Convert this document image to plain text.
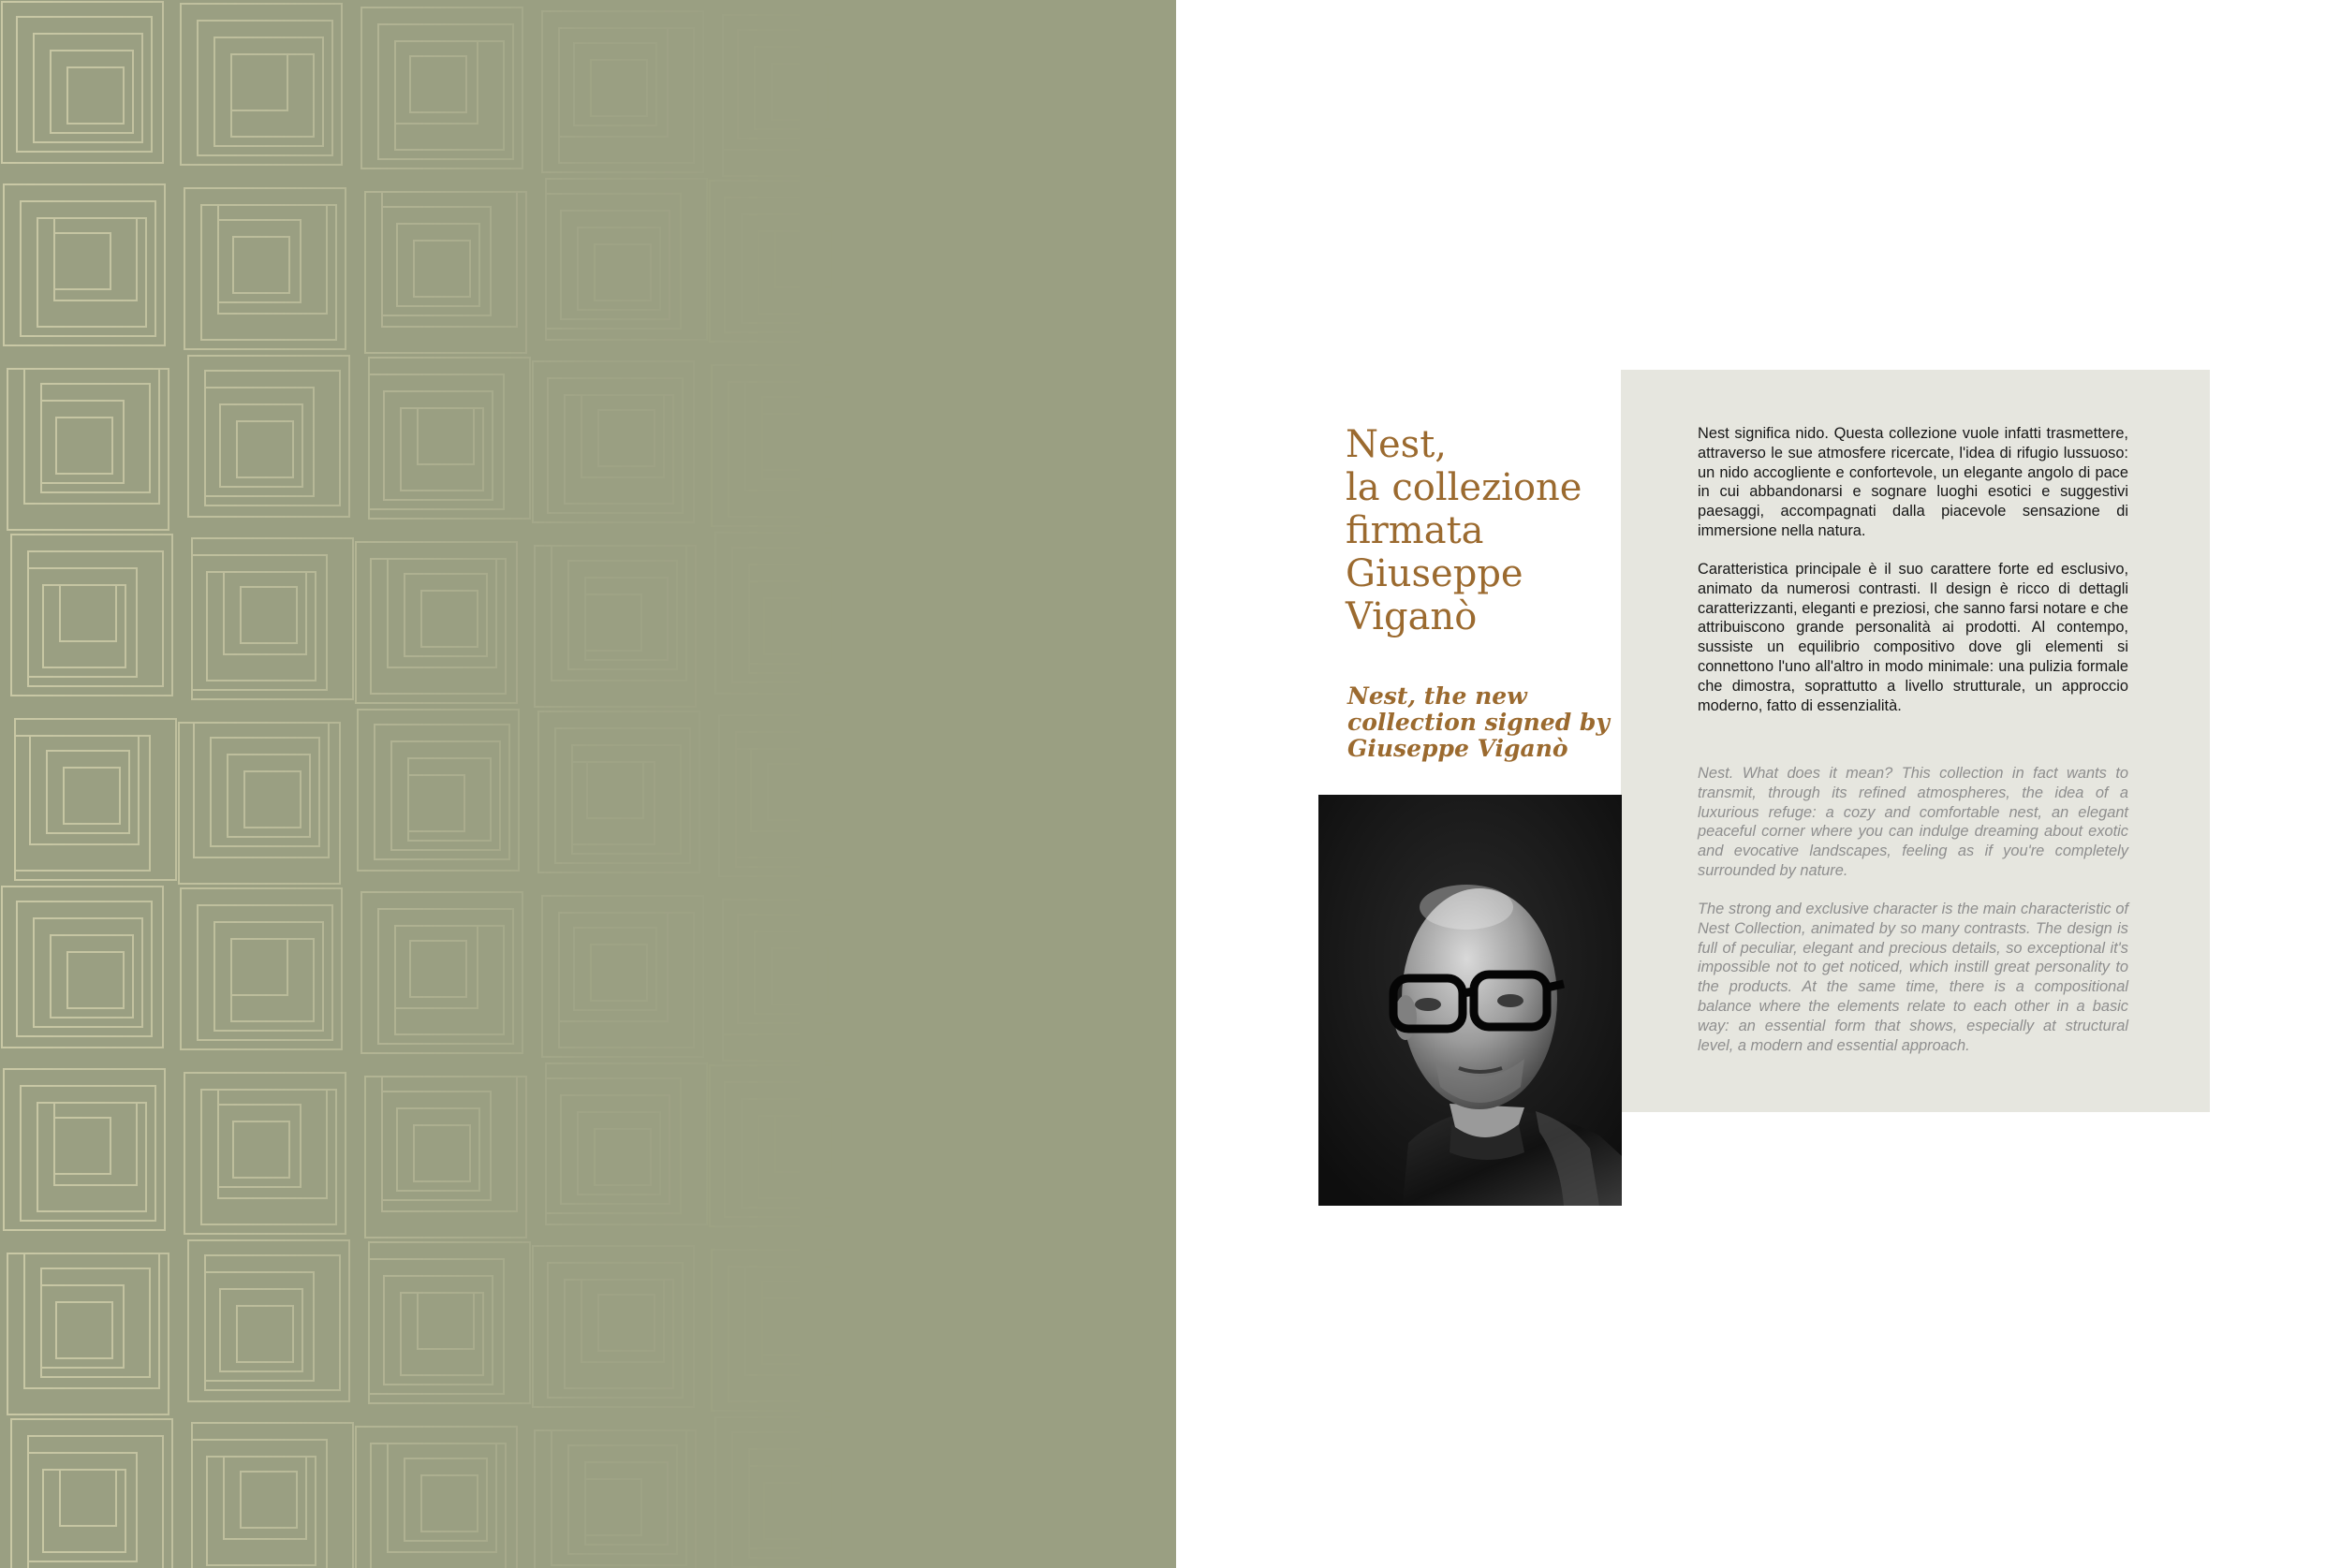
Nest,
la collezione
firmata
Giuseppe
Viganò
Nest, the new
collection signed by
Giuseppe Viganò

Nest significa nido. Questa collezione vuole infatti trasmettere, attraverso le sue atmosfere ricercate, l'idea di rifugio lussuoso: un nido accogliente e confortevole, un elegante angolo di pace in cui abbandonarsi e sognare luoghi esotici e suggestivi paesaggi, accompagnati dalla piacevole sensazione di immersione nella natura.

Caratteristica principale è il suo carattere forte ed esclusivo, animato da numerosi contrasti. Il design è ricco di dettagli caratterizzanti, eleganti e preziosi, che sanno farsi notare e che attribuiscono grande personalità ai prodotti. Al contempo, sussiste un equilibrio compositivo dove gli elementi si connettono l'uno all'altro in modo minimale: una pulizia formale che dimostra, soprattutto a livello strutturale, un approccio moderno, fatto di essenzialità.

Nest. What does it mean? This collection in fact wants to transmit, through its refined atmospheres, the idea of a luxurious refuge: a cozy and comfortable nest, an elegant peaceful corner where you can indulge dreaming about exotic and evocative landscapes, feeling as if you're completely surrounded by nature.

The strong and exclusive character is the main characteristic of Nest Collection, animated by so many contrasts. The design is full of peculiar, elegant and precious details, so exceptional it's impossible not to get noticed, which instill great personality to the products. At the same time, there is a compositional balance where the elements relate to each other in a basic way: an essential form that shows, especially at structural level, a modern and essential approach.
